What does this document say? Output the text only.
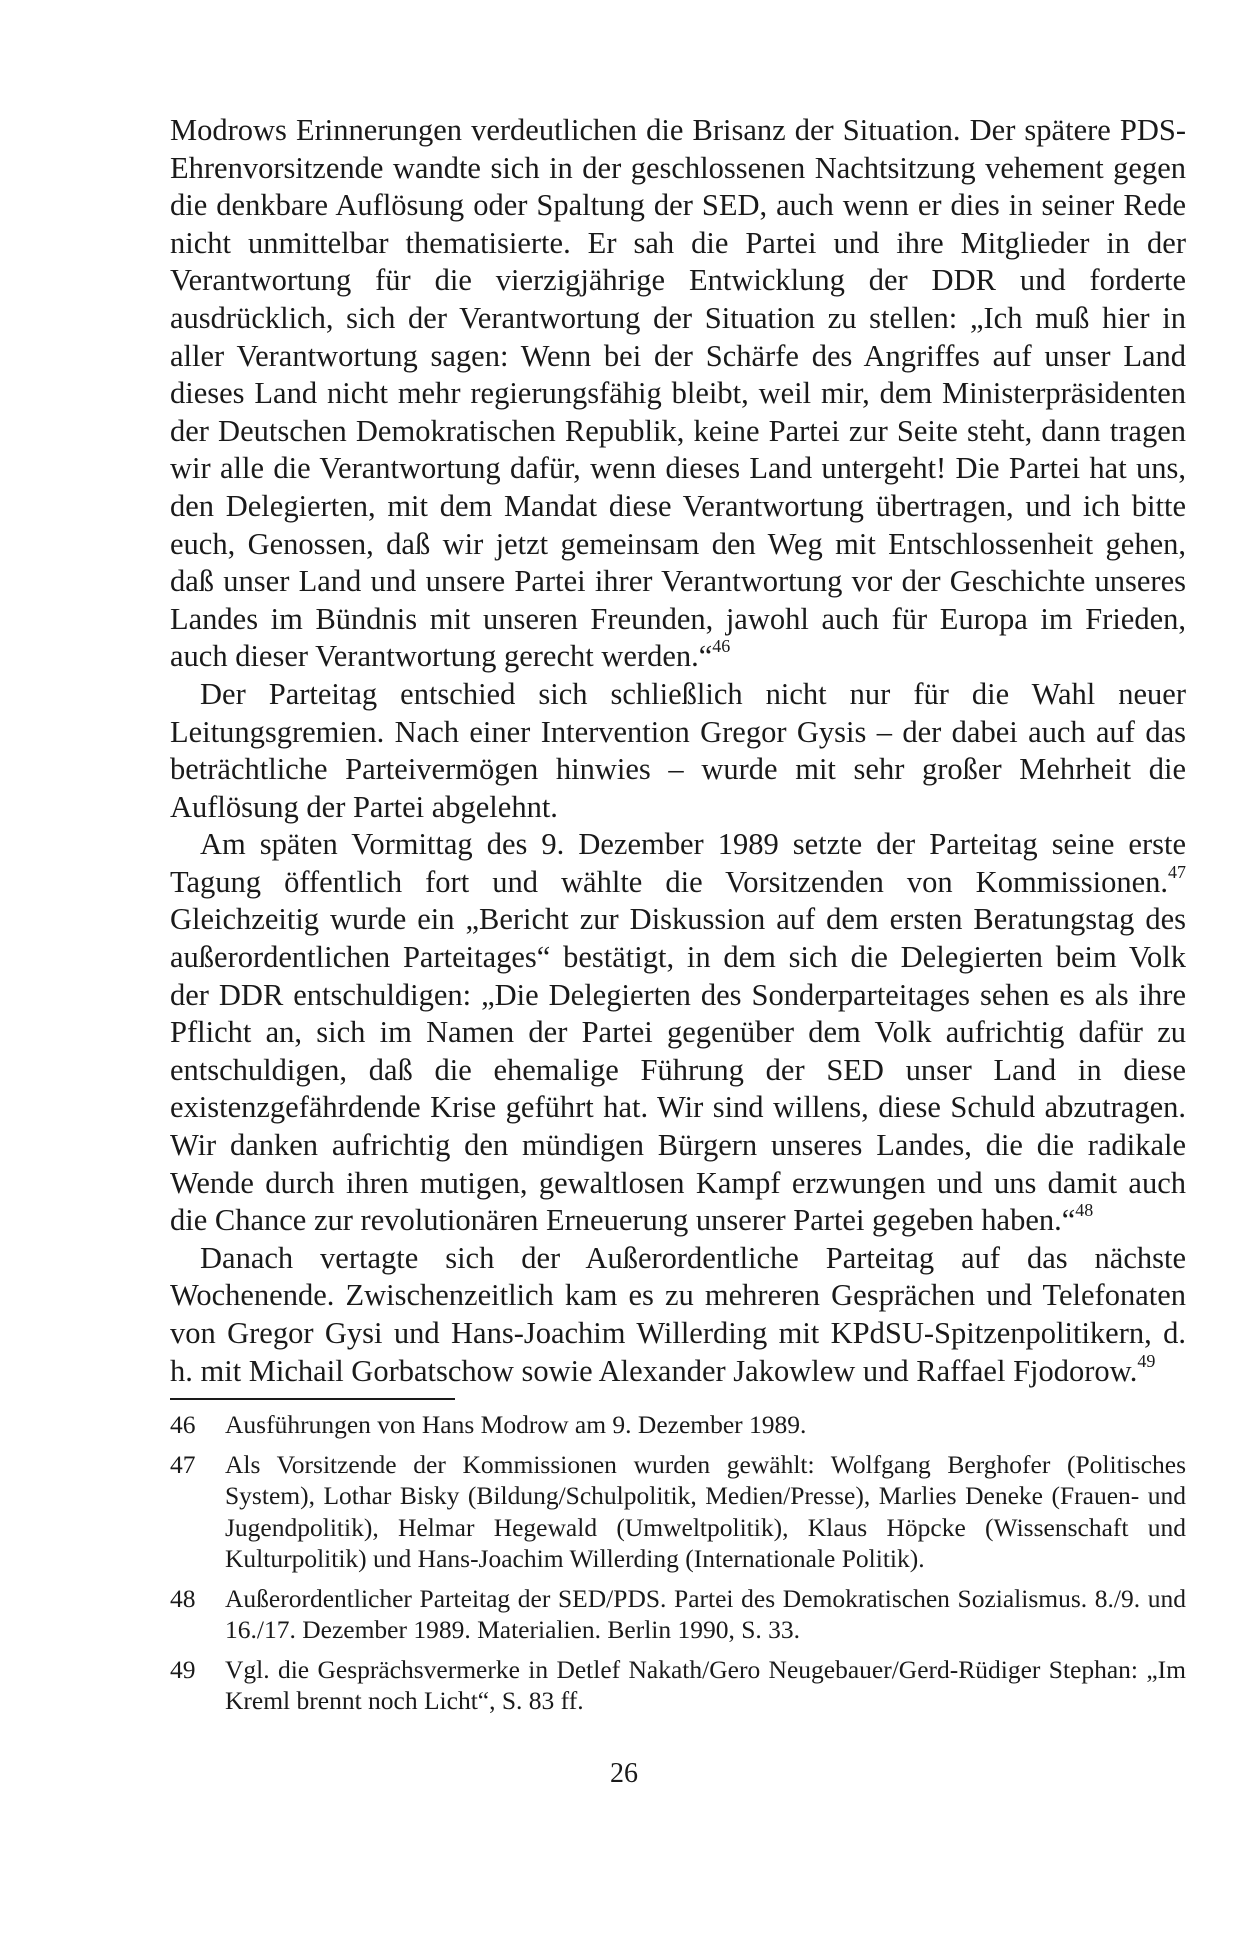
Modrows Erinnerungen verdeutlichen die Brisanz der Situation. Der spätere PDS-Ehrenvorsitzende wandte sich in der geschlossenen Nachtsitzung vehement gegen die denkbare Auflösung oder Spaltung der SED, auch wenn er dies in seiner Rede nicht unmittelbar thematisierte. Er sah die Partei und ihre Mitglieder in der Verantwortung für die vierzigjährige Entwicklung der DDR und forderte ausdrücklich, sich der Verantwortung der Situation zu stellen: „Ich muß hier in aller Verantwortung sagen: Wenn bei der Schärfe des Angriffes auf unser Land dieses Land nicht mehr regierungsfähig bleibt, weil mir, dem Ministerpräsidenten der Deutschen Demokratischen Republik, keine Partei zur Seite steht, dann tragen wir alle die Verantwortung dafür, wenn dieses Land untergeht! Die Partei hat uns, den Delegierten, mit dem Mandat diese Verantwortung übertragen, und ich bitte euch, Genossen, daß wir jetzt gemeinsam den Weg mit Entschlossenheit gehen, daß unser Land und unsere Partei ihrer Verantwortung vor der Geschichte unseres Landes im Bündnis mit unseren Freunden, jawohl auch für Europa im Frieden, auch dieser Verantwortung gerecht werden.“$^{46}$

Der Parteitag entschied sich schließlich nicht nur für die Wahl neuer Leitungsgremien. Nach einer Intervention Gregor Gysis – der dabei auch auf das beträchtliche Parteivermögen hinwies – wurde mit sehr großer Mehrheit die Auflösung der Partei abgelehnt.

Am späten Vormittag des 9. Dezember 1989 setzte der Parteitag seine erste Tagung öffentlich fort und wählte die Vorsitzenden von Kommissionen.$^{47}$ Gleichzeitig wurde ein „Bericht zur Diskussion auf dem ersten Beratungstag des außerordentlichen Parteitages“ bestätigt, in dem sich die Delegierten beim Volk der DDR entschuldigen: „Die Delegierten des Sonderparteitages sehen es als ihre Pflicht an, sich im Namen der Partei gegenüber dem Volk aufrichtig dafür zu entschuldigen, daß die ehemalige Führung der SED unser Land in diese existenzgefährdende Krise geführt hat. Wir sind willens, diese Schuld abzutragen. Wir danken aufrichtig den mündigen Bürgern unseres Landes, die die radikale Wende durch ihren mutigen, gewaltlosen Kampf erzwungen und uns damit auch die Chance zur revolutionären Erneuerung unserer Partei gegeben haben.“$^{48}$

Danach vertagte sich der Außerordentliche Parteitag auf das nächste Wochenende. Zwischenzeitlich kam es zu mehreren Gesprächen und Telefonaten von Gregor Gysi und Hans-Joachim Willerding mit KPdSU-Spitzenpolitikern, d. h. mit Michail Gorbatschow sowie Alexander Jakowlew und Raffael Fjodorow.$^{49}$

46	Ausführungen von Hans Modrow am 9. Dezember 1989.
47	Als Vorsitzende der Kommissionen wurden gewählt: Wolfgang Berghofer (Politisches System), Lothar Bisky (Bildung/Schulpolitik, Medien/Presse), Marlies Deneke (Frauen- und Jugendpolitik), Helmar Hegewald (Umweltpolitik), Klaus Höpcke (Wissenschaft und Kulturpolitik) und Hans-Joachim Willerding (Internationale Politik).
48	Außerordentlicher Parteitag der SED/PDS. Partei des Demokratischen Sozialismus. 8./9. und 16./17. Dezember 1989. Materialien. Berlin 1990, S. 33.
49	Vgl. die Gesprächsvermerke in Detlef Nakath/Gero Neugebauer/Gerd-Rüdiger Stephan: „Im Kreml brennt noch Licht“, S. 83 ff.
26
